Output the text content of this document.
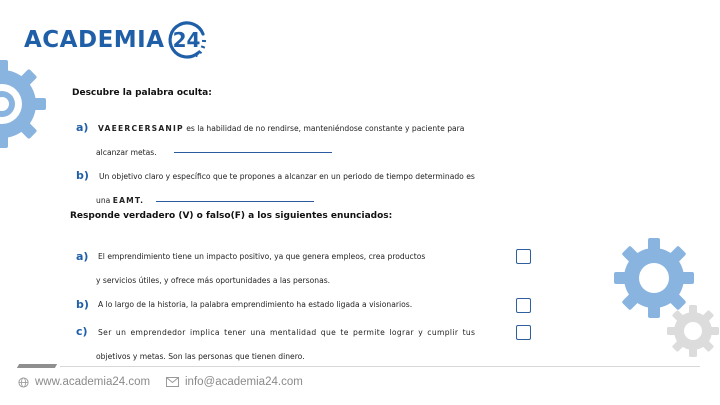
ACADEMIA 24
Descubre la palabra oculta:
a) VAEERCERSANIP es la habilidad de no rendirse, manteniéndose constante y paciente para
alcanzar metas.
b) Un objetivo claro y específico que te propones a alcanzar en un periodo de tiempo determinado es
una EAMT.
Responde verdadero (V) o falso(F) a los siguientes enunciados:
a) El emprendimiento tiene un impacto positivo, ya que genera empleos, crea productos
y servicios útiles, y ofrece más oportunidades a las personas.
b) A lo largo de la historia, la palabra emprendimiento ha estado ligada a visionarios.
c) Ser un emprendedor implica tener una mentalidad que te permite lograr y cumplir tus
objetivos y metas. Son las personas que tienen dinero.
www.academia24.com	info@academia24.com
